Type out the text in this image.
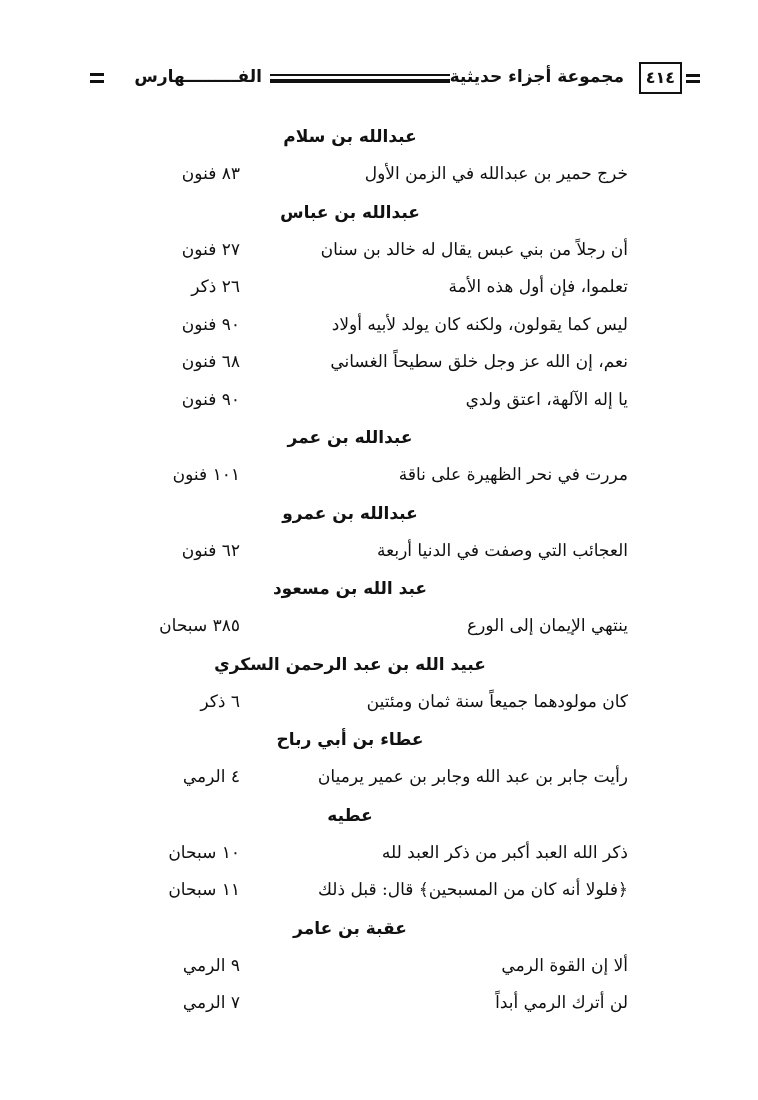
٤١٤
مجموعة أجزاء حديثية
الفـــــــــهارس
عبدالله بن سلام
خرج حمير بن عبدالله في الزمن الأول
٨٣ فنون
عبدالله بن عباس
أن رجلاً من بني عبس يقال له خالد بن سنان
٢٧ فنون
تعلموا، فإن أول هذه الأمة
٢٦ ذكر
ليس كما يقولون، ولكنه كان يولد لأبيه أولاد
٩٠ فنون
نعم، إن الله عز وجل خلق سطيحاً الغساني
٦٨ فنون
يا إله الآلهة، اعتق ولدي
٩٠ فنون
عبدالله بن عمر
مررت في نحر الظهيرة على ناقة
١٠١ فنون
عبدالله بن عمرو
العجائب التي وصفت في الدنيا أربعة
٦٢ فنون
عبد الله بن مسعود
ينتهي الإيمان إلى الورع
٣٨٥ سبحان
عبيد الله بن عبد الرحمن السكري
كان مولودهما جميعاً سنة ثمان ومئتين
٦ ذكر
عطاء بن أبي رباح
رأيت جابر بن عبد الله وجابر بن عمير يرميان
٤ الرمي
عطيه
ذكر الله العبد أكبر من ذكر العبد لله
١٠ سبحان
﴿فلولا أنه كان من المسبحين﴾ قال: قبل ذلك
١١ سبحان
عقبة بن عامر
ألا إن القوة الرمي
٩ الرمي
لن أترك الرمي أبداً
٧ الرمي
